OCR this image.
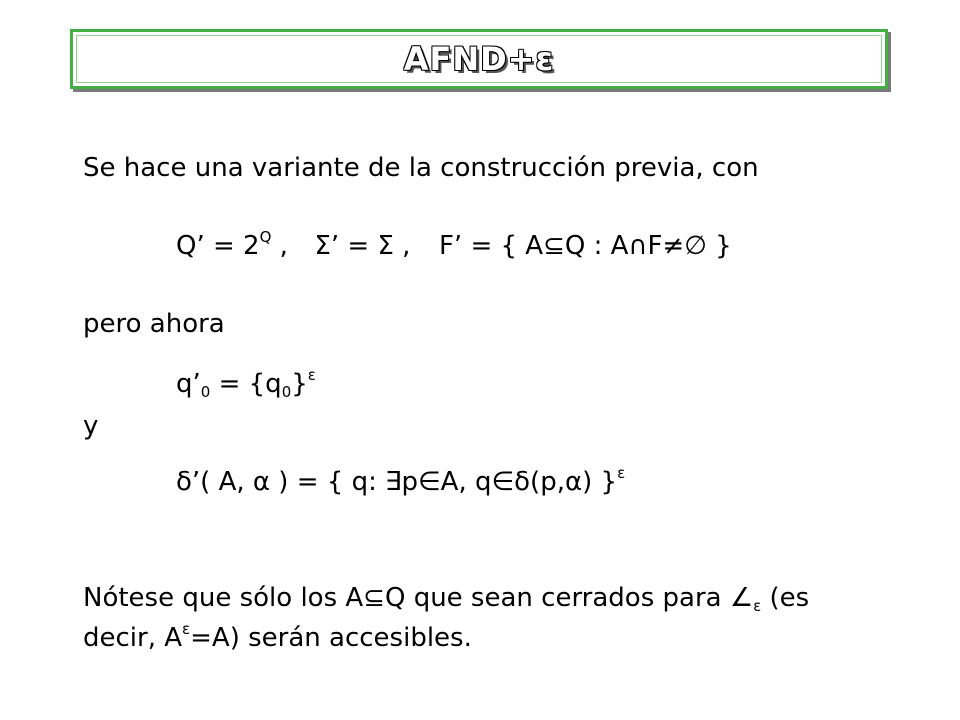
AFND+ε
Se hace una variante de la construcción previa, con
Q’ = $2^Q$ , Σ’ = Σ , F’ = { A⊆Q : A∩F≠∅ }
pero ahora
$q’_0 = \{q_0\}^\varepsilon$
y
δ’( A, α ) = { q: ∃p∈A, q∈δ(p,α) }$^\varepsilon$
Nótese que sólo los A⊆Q que sean cerrados para $\angle_\varepsilon$ (es
decir, $A^\varepsilon=A$) serán accesibles.
